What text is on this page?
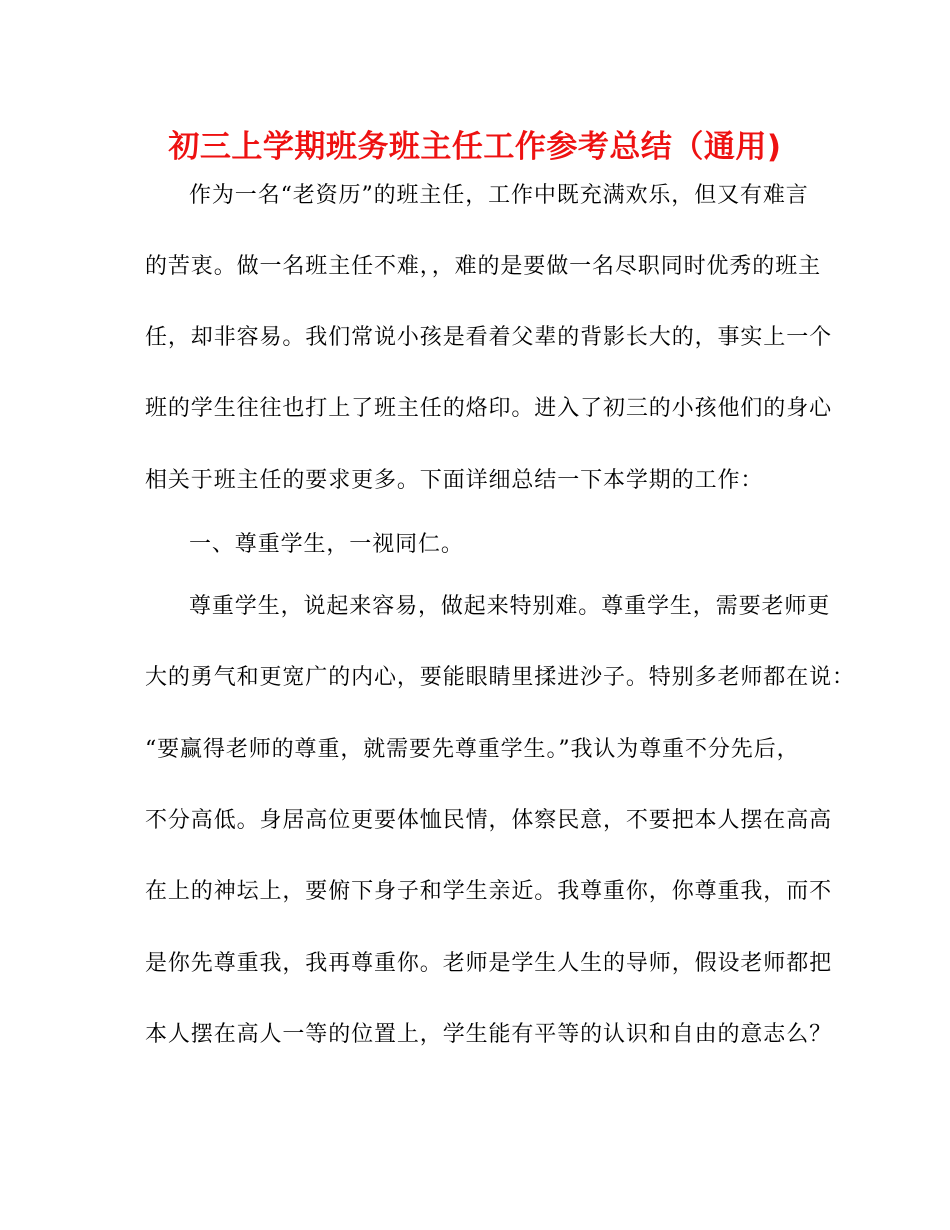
初三上学期班务班主任工作参考总结（通用)
作为一名“老资历”的班主任，工作中既充满欢乐，但又有难言
的苦衷。做一名班主任不难，，难的是要做一名尽职同时优秀的班主
任，却非容易。我们常说小孩是看着父辈的背影长大的，事实上一个
班的学生往往也打上了班主任的烙印。进入了初三的小孩他们的身心
相关于班主任的要求更多。下面详细总结一下本学期的工作：
一、尊重学生，一视同仁。
尊重学生，说起来容易，做起来特别难。尊重学生，需要老师更
大的勇气和更宽广的内心，要能眼睛里揉进沙子。特别多老师都在说：
“要赢得老师的尊重，就需要先尊重学生。”我认为尊重不分先后，
不分高低。身居高位更要体恤民情，体察民意，不要把本人摆在高高
在上的神坛上，要俯下身子和学生亲近。我尊重你，你尊重我，而不
是你先尊重我，我再尊重你。老师是学生人生的导师，假设老师都把
本人摆在高人一等的位置上，学生能有平等的认识和自由的意志么？
